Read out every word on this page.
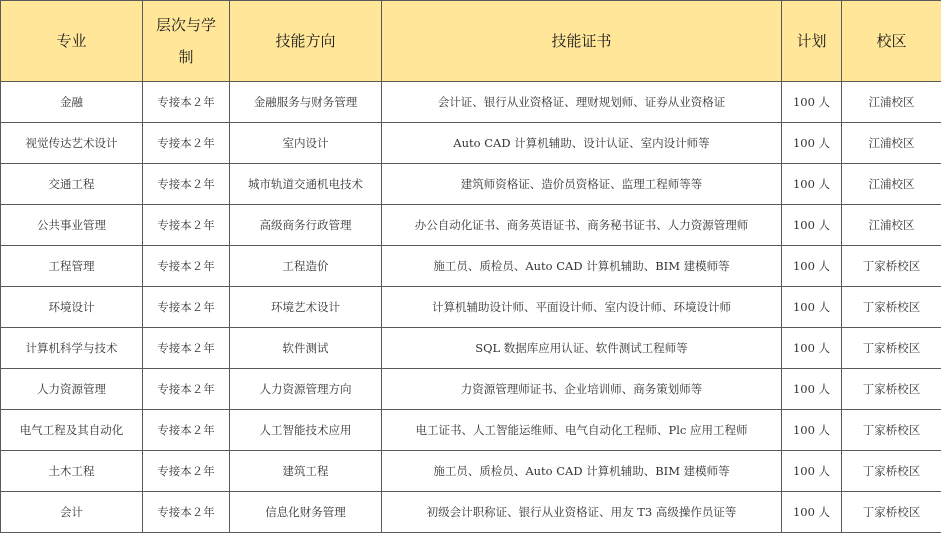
专业	层次与学制	技能方向	技能证书	计划	校区
金融	专接本２年	金融服务与财务管理	会计证、银行从业资格证、理财规划师、证券从业资格证	100 人	江浦校区
视觉传达艺术设计	专接本２年	室内设计	Auto CAD 计算机辅助、设计认证、室内设计师等	100 人	江浦校区
交通工程	专接本２年	城市轨道交通机电技术	建筑师资格证、造价员资格证、监理工程师等等	100 人	江浦校区
公共事业管理	专接本２年	高级商务行政管理	办公自动化证书、商务英语证书、商务秘书证书、人力资源管理师	100 人	江浦校区
工程管理	专接本２年	工程造价	施工员、质检员、Auto CAD 计算机辅助、BIM 建模师等	100 人	丁家桥校区
环境设计	专接本２年	环境艺术设计	计算机辅助设计师、平面设计师、室内设计师、环境设计师	100 人	丁家桥校区
计算机科学与技术	专接本２年	软件测试	SQL 数据库应用认证、软件测试工程师等	100 人	丁家桥校区
人力资源管理	专接本２年	人力资源管理方向	力资源管理师证书、企业培训师、商务策划师等	100 人	丁家桥校区
电气工程及其自动化	专接本２年	人工智能技术应用	电工证书、人工智能运维师、电气自动化工程师、Plc 应用工程师	100 人	丁家桥校区
土木工程	专接本２年	建筑工程	施工员、质检员、Auto CAD 计算机辅助、BIM 建模师等	100 人	丁家桥校区
会计	专接本２年	信息化财务管理	初级会计职称证、银行从业资格证、用友 T3 高级操作员证等	100 人	丁家桥校区
